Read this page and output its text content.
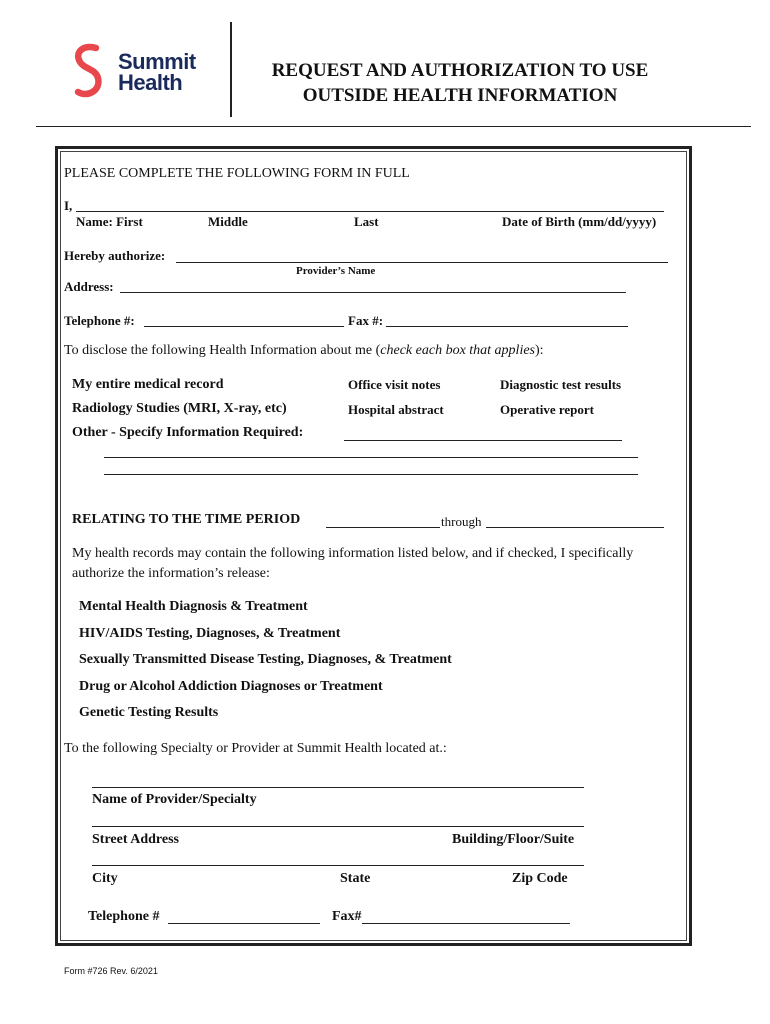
Summit
Health	REQUEST AND AUTHORIZATION TO USE
OUTSIDE HEALTH INFORMATION
PLEASE COMPLETE THE FOLLOWING FORM IN FULL
I,
Name: First	Middle	Last	Date of Birth (mm/dd/yyyy)
Hereby authorize:
Provider’s Name
Address:
Telephone #:	Fax #:
To disclose the following Health Information about me (check each box that applies):
My entire medical record	Office visit notes	Diagnostic test results
Radiology Studies (MRI, X-ray, etc)	Hospital abstract	Operative report
Other - Specify Information Required:
RELATING TO THE TIME PERIOD	through
My health records may contain the following information listed below, and if checked, I specifically
authorize the information’s release:
Mental Health Diagnosis & Treatment
HIV/AIDS Testing, Diagnoses, & Treatment
Sexually Transmitted Disease Testing, Diagnoses, & Treatment
Drug or Alcohol Addiction Diagnoses or Treatment
Genetic Testing Results
To the following Specialty or Provider at Summit Health located at.:
Name of Provider/Specialty
Street Address	Building/Floor/Suite
City	State	Zip Code
Telephone #	Fax#
Form #726 Rev. 6/2021
